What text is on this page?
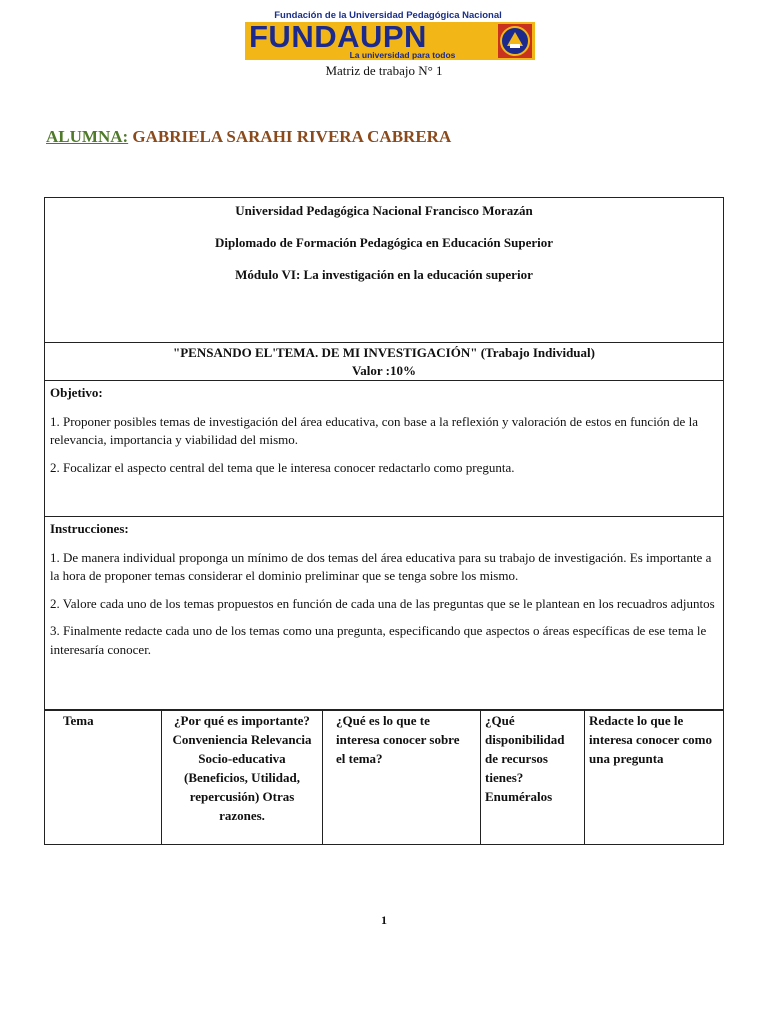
Fundación de la Universidad Pedagógica Nacional
FUNDAUPN
La universidad para todos
Matriz de trabajo N° 1
ALUMNA: GABRIELA SARAHI RIVERA CABRERA
Universidad Pedagógica Nacional Francisco Morazán
Diplomado de Formación Pedagógica en Educación Superior
Módulo VI: La investigación en la educación superior
"PENSANDO EL'TEMA. DE MI INVESTIGACIÓN" (Trabajo Individual)
Valor :10%

Objetivo:

1. Proponer posibles temas de investigación del área educativa, con base a la reflexión y valoración de estos en función de la relevancia, importancia y viabilidad del mismo.

2. Focalizar el aspecto central del tema que le interesa conocer redactarlo como pregunta.

Instrucciones:

1. De manera individual proponga un mínimo de dos temas del área educativa para su trabajo de investigación. Es importante a la hora de proponer temas considerar el dominio preliminar que se tenga sobre los mismo.

2. Valore cada uno de los temas propuestos en función de cada una de las preguntas que se le plantean en los recuadros adjuntos

3. Finalmente redacte cada uno de los temas como una pregunta, especificando que aspectos o áreas específicas de ese tema le interesaría conocer.

Tema	¿Por qué es importante? Conveniencia Relevancia Socio-educativa (Beneficios, Utilidad, repercusión) Otras razones.	¿Qué es lo que te interesa conocer sobre el tema?	¿Qué disponibilidad de recursos tienes? Enuméralos	Redacte lo que le interesa conocer como una pregunta
1
